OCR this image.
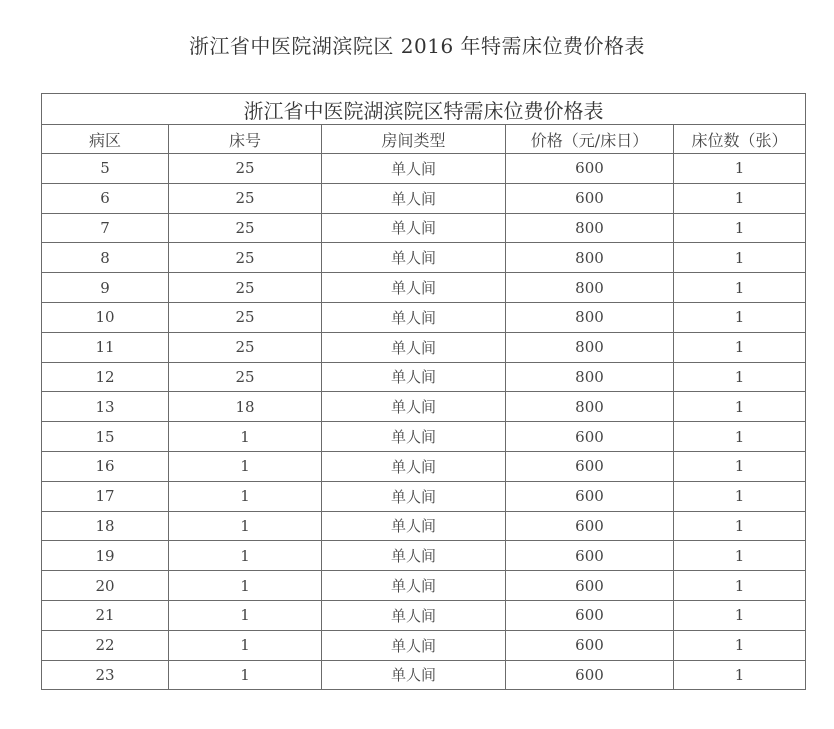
浙江省中医院湖滨院区 2016 年特需床位费价格表
浙江省中医院湖滨院区特需床位费价格表				
病区	床号	房间类型	价格（元/床日）	床位数（张）
5	25	单人间	600	1
6	25	单人间	600	1
7	25	单人间	800	1
8	25	单人间	800	1
9	25	单人间	800	1
10	25	单人间	800	1
11	25	单人间	800	1
12	25	单人间	800	1
13	18	单人间	800	1
15	1	单人间	600	1
16	1	单人间	600	1
17	1	单人间	600	1
18	1	单人间	600	1
19	1	单人间	600	1
20	1	单人间	600	1
21	1	单人间	600	1
22	1	单人间	600	1
23	1	单人间	600	1
